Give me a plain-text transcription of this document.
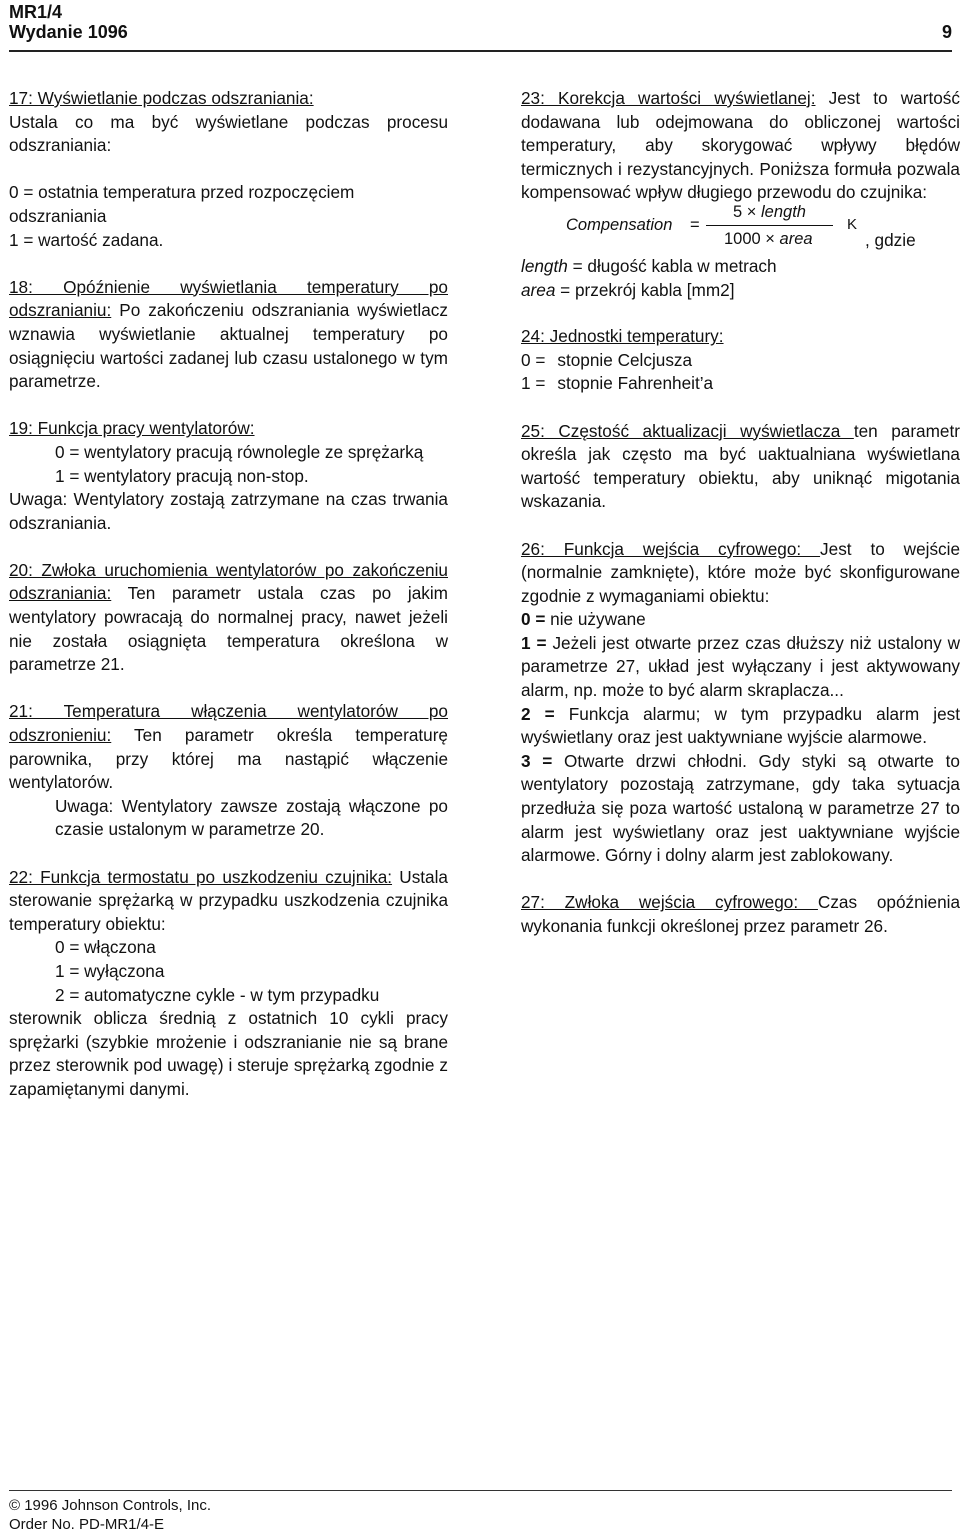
MR1/4
Wydanie 1096	9

17: Wyświetlanie podczas odszraniania:

Ustala co ma być wyświetlane podczas procesu odszraniania:

0 = ostatnia temperatura przed rozpoczęciem odszraniania

1 = wartość zadana.

18: Opóźnienie wyświetlania temperatury po odszranianiu: Po zakończeniu odszraniania wyświetlacz wznawia wyświetlanie aktualnej temperatury po osiągnięciu wartości zadanej lub czasu ustalonego w tym parametrze.

19: Funkcja pracy wentylatorów:

0 = wentylatory pracują równolegle ze sprężarką

1 = wentylatory pracują non-stop.

Uwaga: Wentylatory zostają zatrzymane na czas trwania odszraniania.

20: Zwłoka uruchomienia wentylatorów po zakończeniu odszraniania: Ten parametr ustala czas po jakim wentylatory powracają do normalnej pracy, nawet jeżeli nie została osiągnięta temperatura określona w parametrze 21.

21: Temperatura włączenia wentylatorów po odszronieniu: Ten parametr określa temperaturę parownika, przy której ma nastąpić włączenie wentylatorów.

Uwaga: Wentylatory zawsze zostają włączone po czasie ustalonym w parametrze 20.

22: Funkcja termostatu po uszkodzeniu czujnika: Ustala sterowanie sprężarką w przypadku uszkodzenia czujnika temperatury obiektu:

0 = włączona

1 = wyłączona

2 = automatyczne cykle - w tym przypadku

sterownik oblicza średnią z ostatnich 10 cykli pracy sprężarki (szybkie mrożenie i odszranianie nie są brane przez sterownik pod uwagę) i steruje sprężarką zgodnie z zapamiętanymi danymi.

23: Korekcja wartości wyświetlanej: Jest to wartość dodawana lub odejmowana do obliczonej wartości temperatury, aby skorygować wpływy błędów termicznych i rezystancyjnych. Poniższa formuła pozwala kompensować wpływ długiego przewodu do czujnika:

Compensation =
5 × length
1000 × area
K
, gdzie

length = długość kabla w metrach

area = przekrój kabla [mm2]

24: Jednostki temperatury:

0 = stopnie Celcjusza

1 = stopnie Fahrenheit’a

25: Częstość aktualizacji wyświetlacza ten parametr określa jak często ma być uaktualniana wyświetlana wartość temperatury obiektu, aby uniknąć migotania wskazania.

26: Funkcja wejścia cyfrowego: Jest to wejście (normalnie zamknięte), które może być skonfigurowane zgodnie z wymaganiami obiektu:

0 = nie używane

1 = Jeżeli jest otwarte przez czas dłuższy niż ustalony w parametrze 27, układ jest wyłączany i jest aktywowany alarm, np. może to być alarm skraplacza...

2 = Funkcja alarmu; w tym przypadku alarm jest wyświetlany oraz jest uaktywniane wyjście alarmowe.

3 = Otwarte drzwi chłodni. Gdy styki są otwarte to wentylatory pozostają zatrzymane, gdy taka sytuacja przedłuża się poza wartość ustaloną w parametrze 27 to alarm jest wyświetlany oraz jest uaktywniane wyjście alarmowe. Górny i dolny alarm jest zablokowany.

27: Zwłoka wejścia cyfrowego: Czas opóźnienia wykonania funkcji określonej przez parametr 26.

© 1996 Johnson Controls, Inc.
Order No. PD-MR1/4-E
